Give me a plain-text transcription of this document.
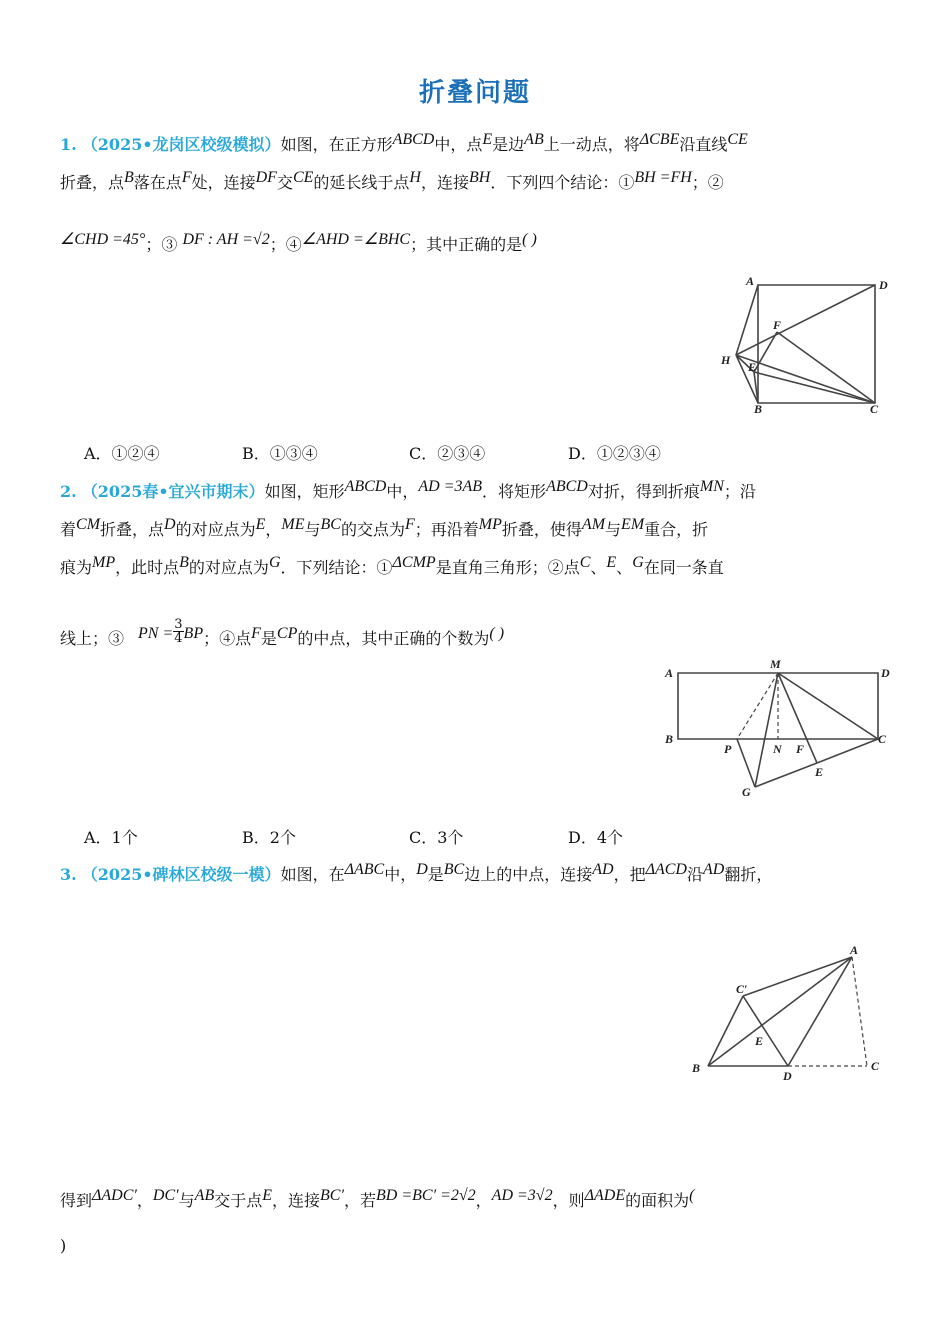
折叠问题
1. （2025•龙岗区校级模拟）如图，在正方形ABCD中，点E是边AB上一动点，将ΔCBE沿直线CE
折叠，点B落在点F处，连接DF交CE的延长线于点H，连接BH．下列四个结论：①BH =FH；②
∠CHD =45°；③ DF : AH =√2；④∠AHD =∠BHC；其中正确的是( )
A	D
F
H E
B	C
A．①②④	B．①③④	C．②③④	D．①②③④
2. （2025春•宜兴市期末）如图，矩形ABCD中，AD =3AB．将矩形ABCD对折，得到折痕MN；沿
着CM折叠，点D的对应点为E，ME与BC的交点为F；再沿着MP折叠，使得AM与EM重合，折
痕为MP，此时点B的对应点为G．下列结论：①ΔCMP是直角三角形；②点C、E、G在同一条直
线上；③ PN = $\frac{3}{4}$ BP；④点F是CP的中点，其中正确的个数为( )
A
M
D
B
P	N F
C
E
G
A．1个	B．2个	C．3个	D．4个
3. （2025•碑林区校级一模）如图，在ΔABC中，D是BC边上的中点，连接AD，把ΔACD沿AD翻折，
A
C′
E
B
D
C
得到ΔADC′，DC′与AB交于点E，连接BC′，若BD =BC′ =2√2，AD =3√2，则ΔADE的面积为(
)
